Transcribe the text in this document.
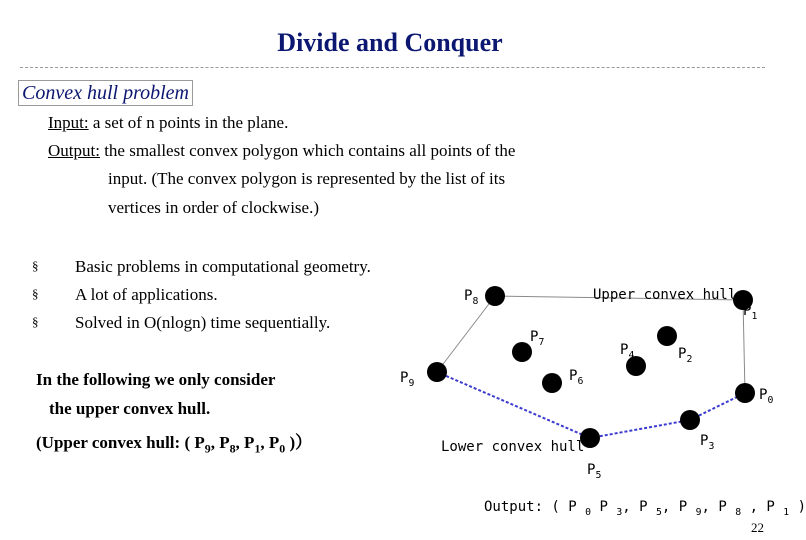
Divide and Conquer
Convex hull problem
Input: a set of n points in the plane.
Output: the smallest convex polygon which contains all points of the
input. (The convex polygon is represented by the list of its
vertices in order of clockwise.)
§ Basic problems in computational geometry.
§ A lot of applications.
§ Solved in O(nlogn) time sequentially.
In the following we only consider
the upper convex hull.
(Upper convex hull: ( $P_9$, $P_8$, $P_1$, $P_0$ )）
Upper convex hull
Lower convex hull
$P_8$
$P_1$
$P_7$	$P_4$	$P_2$
$P_9$	$P_6$
$P_0$
$P_3$
$P_5$
Output: ( P $_0$ P $_3$, P $_5$, P $_9$, P $_8$ , P $_1$ )
22
